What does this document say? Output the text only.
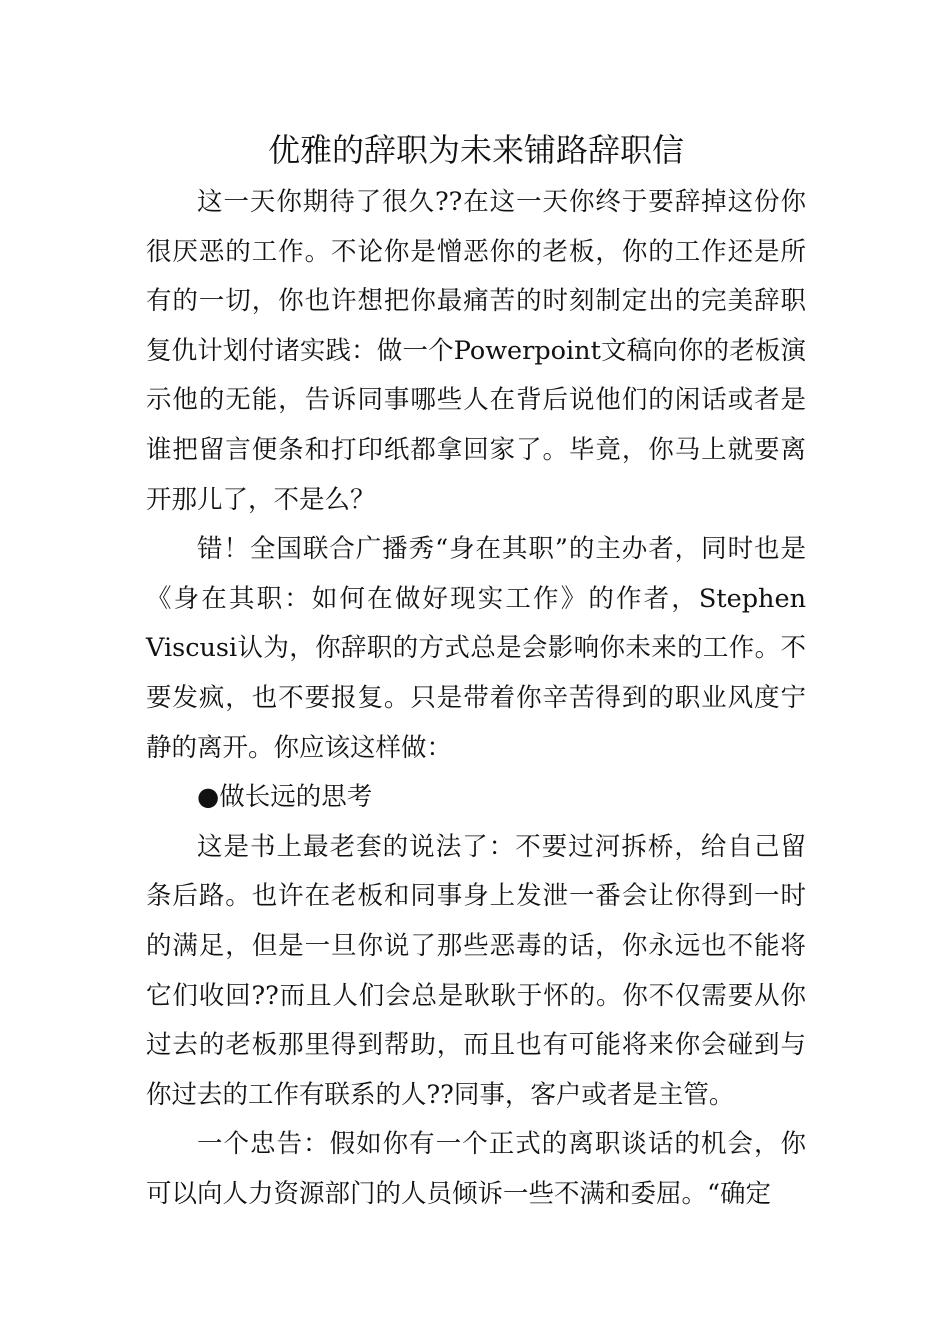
优雅的辞职为未来铺路辞职信

这一天你期待了很久??在这一天你终于要辞掉这份你很厌恶的工作。不论你是憎恶你的老板，你的工作还是所有的一切，你也许想把你最痛苦的时刻制定出的完美辞职复仇计划付诸实践：做一个Powerpoint文稿向你的老板演示他的无能，告诉同事哪些人在背后说他们的闲话或者是谁把留言便条和打印纸都拿回家了。毕竟，你马上就要离开那儿了，不是么？

错！全国联合广播秀“身在其职”的主办者，同时也是《身在其职：如何在做好现实工作》的作者，Stephen Viscusi认为，你辞职的方式总是会影响你未来的工作。不要发疯，也不要报复。只是带着你辛苦得到的职业风度宁静的离开。你应该这样做：

●做长远的思考

这是书上最老套的说法了：不要过河拆桥，给自己留条后路。也许在老板和同事身上发泄一番会让你得到一时的满足，但是一旦你说了那些恶毒的话，你永远也不能将它们收回??而且人们会总是耿耿于怀的。你不仅需要从你过去的老板那里得到帮助，而且也有可能将来你会碰到与你过去的工作有联系的人??同事，客户或者是主管。

一个忠告：假如你有一个正式的离职谈话的机会，你可以向人力资源部门的人员倾诉一些不满和委屈。“确定
